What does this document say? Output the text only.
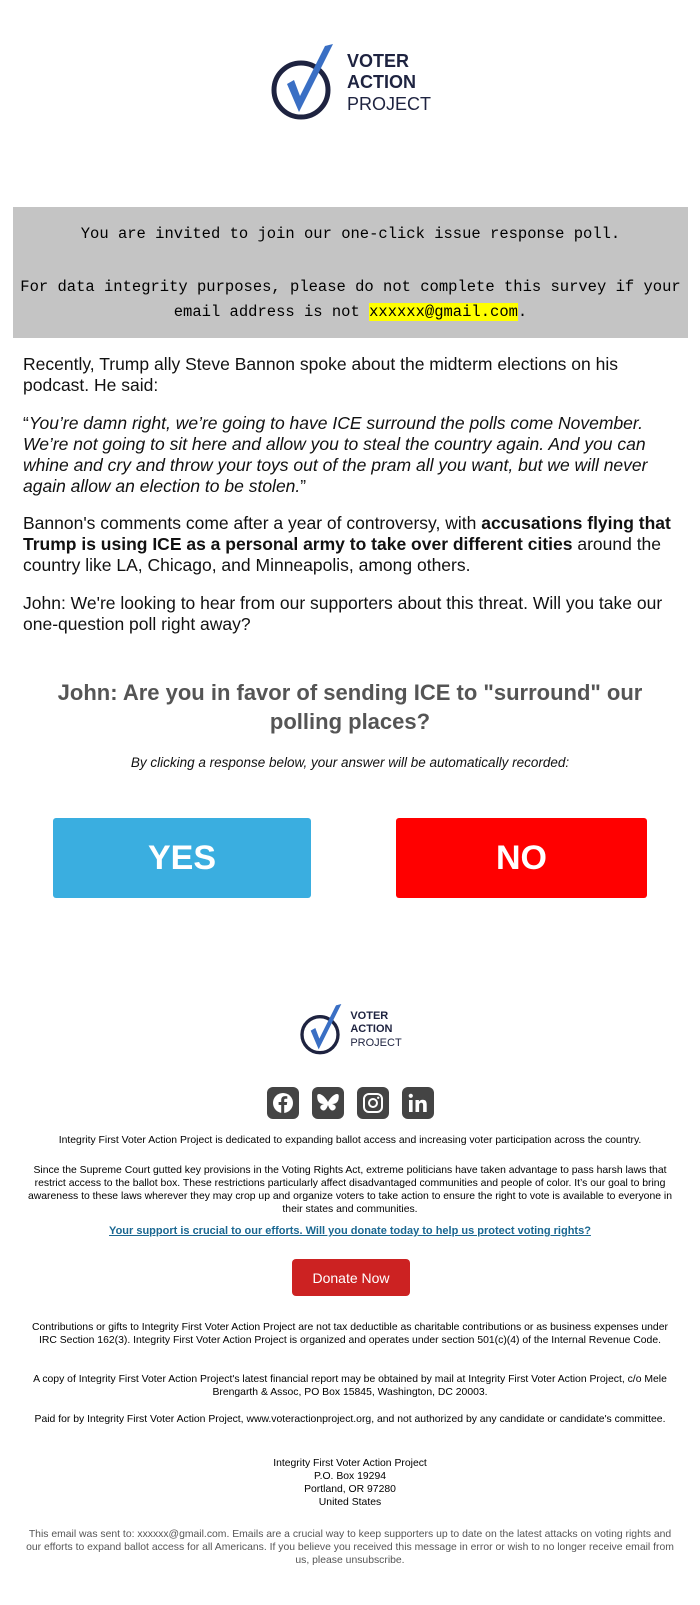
VOTER
ACTION
PROJECT

You are invited to join our one-click issue response poll.

For data integrity purposes, please do not complete this survey if your email address is not xxxxxx@gmail.com.

Recently, Trump ally Steve Bannon spoke about the midterm elections on his podcast. He said:

“You’re damn right, we’re going to have ICE surround the polls come November. We’re not going to sit here and allow you to steal the country again. And you can whine and cry and throw your toys out of the pram all you want, but we will never again allow an election to be stolen.”

Bannon's comments come after a year of controversy, with accusations flying that Trump is using ICE as a personal army to take over different cities around the country like LA, Chicago, and Minneapolis, among others.

John: We're looking to hear from our supporters about this threat. Will you take our one-question poll right away?

John: Are you in favor of sending ICE to "surround" our polling places?
By clicking a response below, your answer will be automatically recorded:
YES	NO
VOTER
ACTION
PROJECT
Integrity First Voter Action Project is dedicated to expanding ballot access and increasing voter participation across the country.
Since the Supreme Court gutted key provisions in the Voting Rights Act, extreme politicians have taken advantage to pass harsh laws that restrict access to the ballot box. These restrictions particularly affect disadvantaged communities and people of color. It’s our goal to bring awareness to these laws wherever they may crop up and organize voters to take action to ensure the right to vote is available to everyone in their states and communities.
Your support is crucial to our efforts. Will you donate today to help us protect voting rights?
Donate Now
Contributions or gifts to Integrity First Voter Action Project are not tax deductible as charitable contributions or as business expenses under IRC Section 162(3). Integrity First Voter Action Project is organized and operates under section 501(c)(4) of the Internal Revenue Code.
A copy of Integrity First Voter Action Project's latest financial report may be obtained by mail at Integrity First Voter Action Project, c/o Mele Brengarth & Assoc, PO Box 15845, Washington, DC 20003.
Paid for by Integrity First Voter Action Project, www.voteractionproject.org, and not authorized by any candidate or candidate's committee.

Integrity First Voter Action Project

P.O. Box 19294

Portland, OR 97280

United States

This email was sent to: xxxxxx@gmail.com. Emails are a crucial way to keep supporters up to date on the latest attacks on voting rights and our efforts to expand ballot access for all Americans. If you believe you received this message in error or wish to no longer receive email from us, please unsubscribe.
